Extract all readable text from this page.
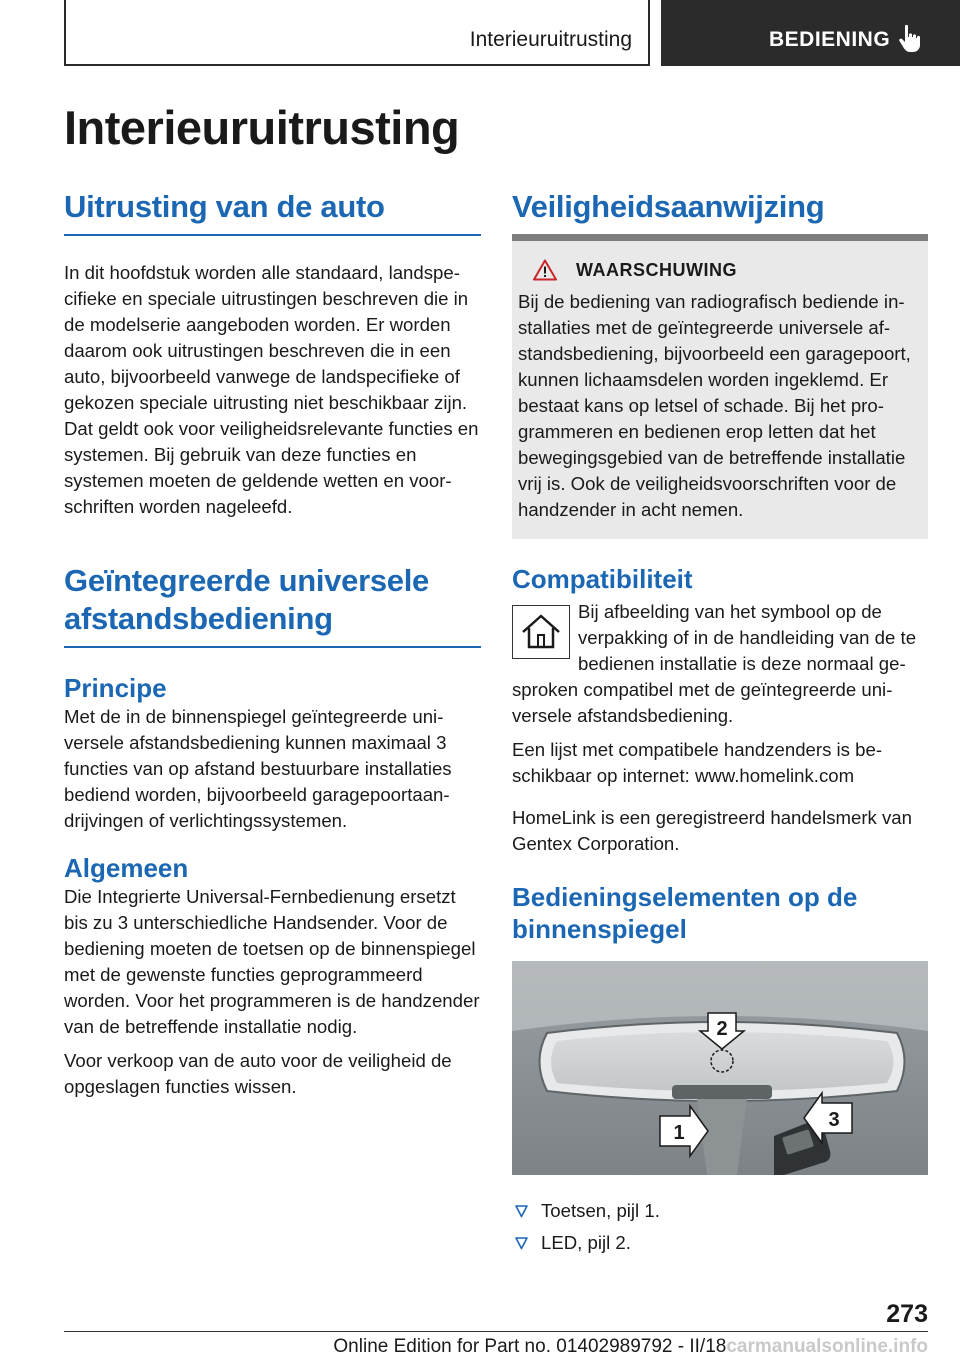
Interieuruitrusting	BEDIENING
Interieuruitrusting
Uitrusting van de auto

In dit hoofdstuk worden alle standaard, landspecifieke en speciale uitrustingen beschreven die in de modelserie aangeboden worden. Er worden daarom ook uitrustingen beschreven die in een auto, bijvoorbeeld vanwege de landspecifieke of gekozen speciale uitrusting niet beschikbaar zijn. Dat geldt ook voor veiligheidsrelevante functies en systemen. Bij gebruik van deze functies en systemen moeten de geldende wetten en voorschriften worden nageleefd.

Geïntegreerde universele afstandsbediening
Principe

Met de in de binnenspiegel geïntegreerde universele afstandsbediening kunnen maximaal 3 functies van op afstand bestuurbare installaties bediend worden, bijvoorbeeld garagepoortaandrijvingen of verlichtingssystemen.

Algemeen

Die Integrierte Universal-Fernbedienung ersetzt bis zu 3 unterschiedliche Handsender. Voor de bediening moeten de toetsen op de binnenspiegel met de gewenste functies geprogrammeerd worden. Voor het programmeren is de handzender van de betreffende installatie nodig.

Voor verkoop van de auto voor de veiligheid de opgeslagen functies wissen.

Veiligheidsaanwijzing
WAARSCHUWING

Bij de bediening van radiografisch bediende installaties met de geïntegreerde universele afstandsbediening, bijvoorbeeld een garagepoort, kunnen lichaamsdelen worden ingeklemd. Er bestaat kans op letsel of schade. Bij het programmeren en bedienen erop letten dat het bewegingsgebied van de betreffende installatie vrij is. Ook de veiligheidsvoorschriften voor de handzender in acht nemen.

Compatibiliteit

Bij afbeelding van het symbool op de verpakking of in de handleiding van de te bedienen installatie is deze normaal gesproken compatibel met de geïntegreerde universele afstandsbediening.

Een lijst met compatibele handzenders is beschikbaar op internet: www.homelink.com

HomeLink is een geregistreerd handelsmerk van Gentex Corporation.

Bedieningselementen op de binnenspiegel
2
1
3
Toetsen, pijl 1.
LED, pijl 2.
273
Online Edition for Part no. 01402989792 - II/18carmanualsonline.info
